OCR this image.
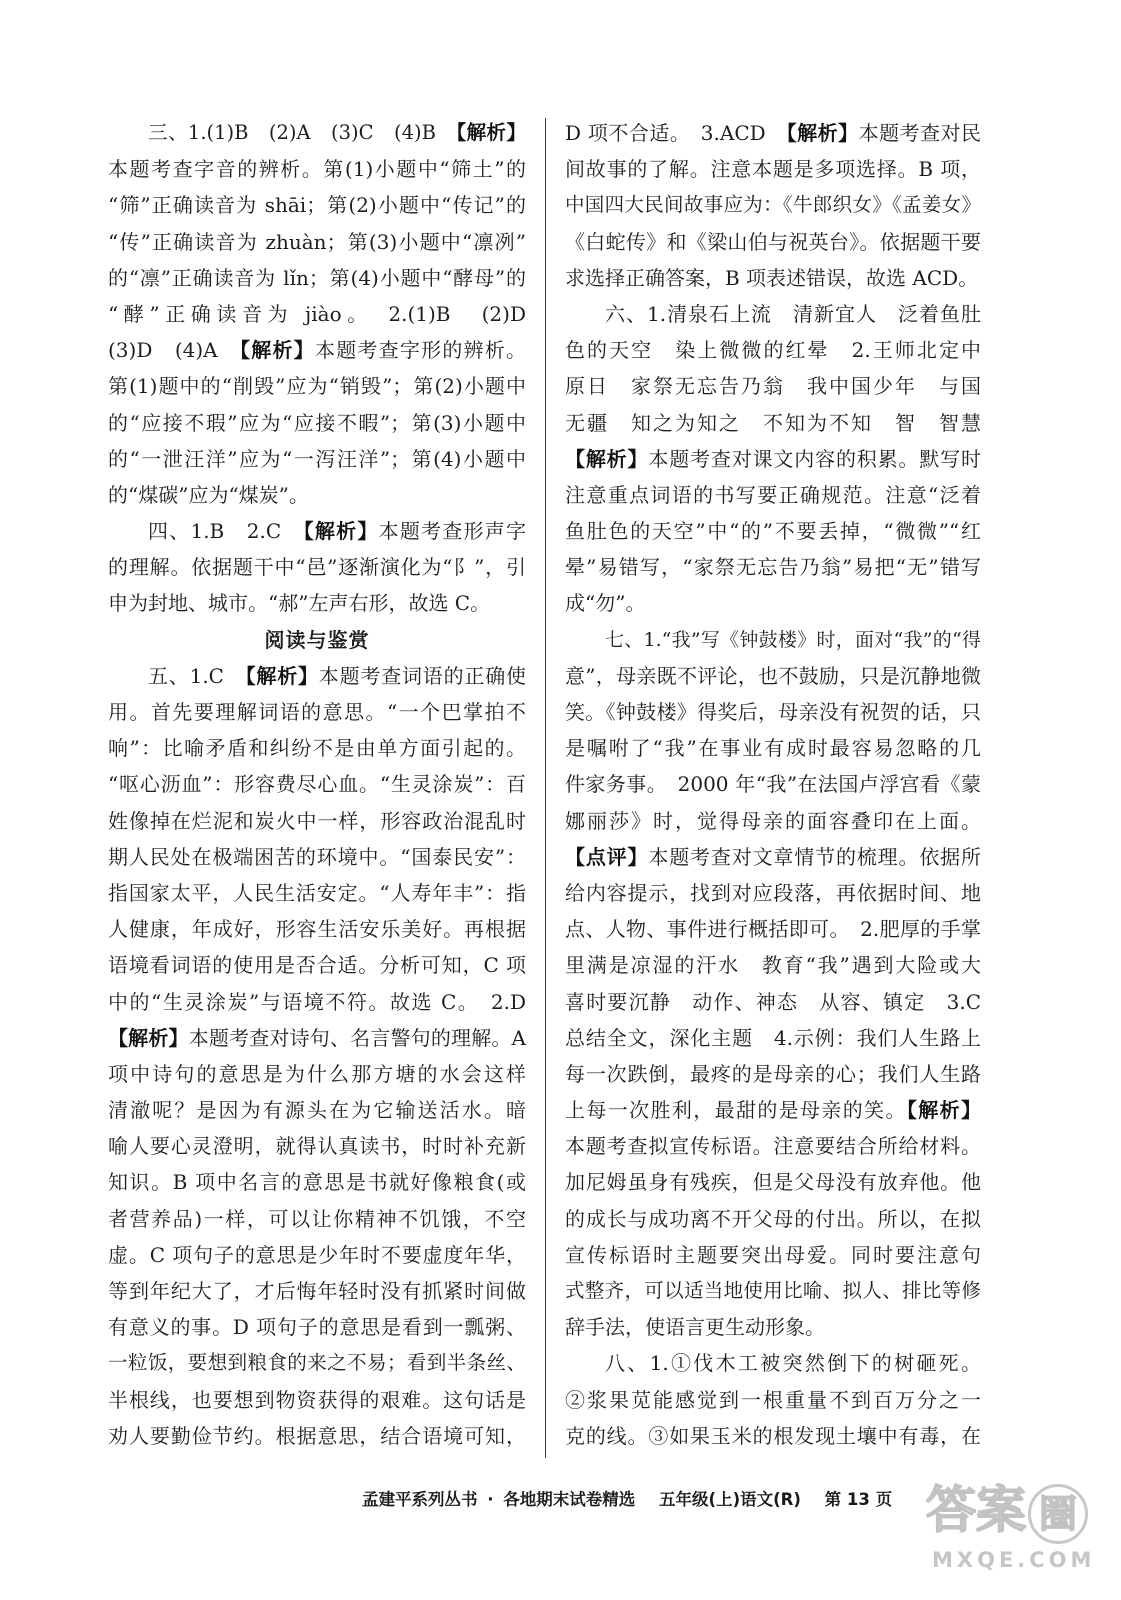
三、1.(1)B　(2)A　(3)C　(4)B　【解析】
本题考查字音的辨析。第(1)小题中“筛土”的
“筛”正确读音为 shāi；第(2)小题中“传记”的
“传”正确读音为 zhuàn；第(3)小题中“凛冽”
的“凛”正确读音为 lǐn；第(4)小题中“酵母”的
“酵”正确读音为 jiào。　2.(1)B　(2)D
(3)D　(4)A　【解析】本题考查字形的辨析。
第(1)题中的“削毁”应为“销毁”；第(2)小题中
的“应接不瑕”应为“应接不暇”；第(3)小题中
的“一泄汪洋”应为“一泻汪洋”；第(4)小题中
的“煤碳”应为“煤炭”。
四、1.B　2.C　【解析】本题考查形声字
的理解。依据题干中“邑”逐渐演化为“阝”，引
申为封地、城市。“郝”左声右形，故选 C。
阅读与鉴赏
五、1.C　【解析】本题考查词语的正确使
用。首先要理解词语的意思。“一个巴掌拍不
响”：比喻矛盾和纠纷不是由单方面引起的。
“呕心沥血”：形容费尽心血。“生灵涂炭”：百
姓像掉在烂泥和炭火中一样，形容政治混乱时
期人民处在极端困苦的环境中。“国泰民安”：
指国家太平，人民生活安定。“人寿年丰”：指
人健康，年成好，形容生活安乐美好。再根据
语境看词语的使用是否合适。分析可知，C 项
中的“生灵涂炭”与语境不符。故选 C。　2.D
【解析】本题考查对诗句、名言警句的理解。A
项中诗句的意思是为什么那方塘的水会这样
清澈呢？是因为有源头在为它输送活水。暗
喻人要心灵澄明，就得认真读书，时时补充新
知识。B 项中名言的意思是书就好像粮食(或
者营养品)一样，可以让你精神不饥饿，不空
虚。C 项句子的意思是少年时不要虚度年华，
等到年纪大了，才后悔年轻时没有抓紧时间做
有意义的事。D 项句子的意思是看到一瓢粥、
一粒饭，要想到粮食的来之不易；看到半条丝、
半根线，也要想到物资获得的艰难。这句话是
劝人要勤俭节约。根据意思，结合语境可知，
D 项不合适。　3.ACD　【解析】本题考查对民
间故事的了解。注意本题是多项选择。B 项，
中国四大民间故事应为：《牛郎织女》《孟姜女》
《白蛇传》和《梁山伯与祝英台》。依据题干要
求选择正确答案，B 项表述错误，故选 ACD。
六、1.清泉石上流　清新宜人　泛着鱼肚
色的天空　染上微微的红晕　2.王师北定中
原日　家祭无忘告乃翁　我中国少年　与国
无疆　知之为知之　不知为不知　智　智慧
【解析】本题考查对课文内容的积累。默写时
注意重点词语的书写要正确规范。注意“泛着
鱼肚色的天空”中“的”不要丢掉，“微微”“红
晕”易错写，“家祭无忘告乃翁”易把“无”错写
成“勿”。
七、1.“我”写《钟鼓楼》时，面对“我”的“得
意”，母亲既不评论，也不鼓励，只是沉静地微
笑。《钟鼓楼》得奖后，母亲没有祝贺的话，只
是嘱咐了“我”在事业有成时最容易忽略的几
件家务事。　2000 年“我”在法国卢浮宫看《蒙
娜丽莎》时，觉得母亲的面容叠印在上面。
【点评】本题考查对文章情节的梳理。依据所
给内容提示，找到对应段落，再依据时间、地
点、人物、事件进行概括即可。　2.肥厚的手掌
里满是凉湿的汗水　教育“我”遇到大险或大
喜时要沉静　动作、神态　从容、镇定　3.C
总结全文，深化主题　4.示例：我们人生路上
每一次跌倒，最疼的是母亲的心；我们人生路
上每一次胜利，最甜的是母亲的笑。【解析】
本题考查拟宣传标语。注意要结合所给材料。
加尼姆虽身有残疾，但是父母没有放弃他。他
的成长与成功离不开父母的付出。所以，在拟
宣传标语时主题要突出母爱。同时要注意句
式整齐，可以适当地使用比喻、拟人、排比等修
辞手法，使语言更生动形象。
八、1.①伐木工被突然倒下的树砸死。
②浆果苋能感觉到一根重量不到百万分之一
克的线。③如果玉米的根发现土壤中有毒，在
孟建平系列丛书 · 各地期末试卷精选 五年级(上)语文(R) 第 13 页 答案 圈
MXQE.COM
